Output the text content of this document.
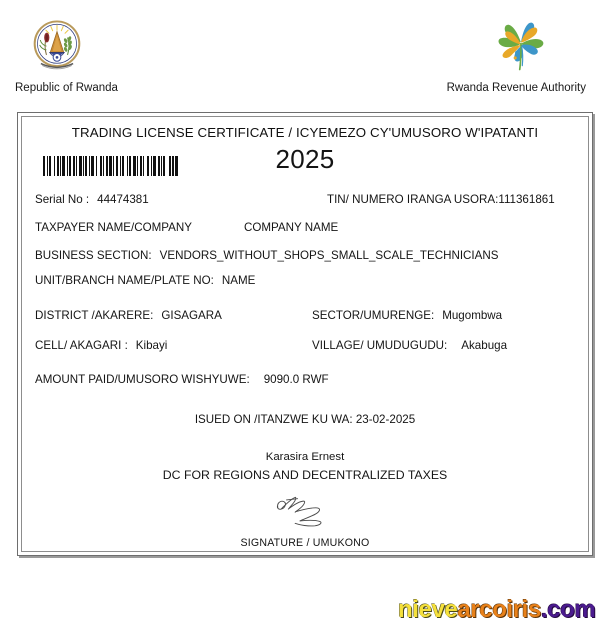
Republic of Rwanda	Rwanda Revenue Authority
TRADING LICENSE CERTIFICATE / ICYEMEZO CY'UMUSORO W'IPATANTI
2025
Serial No : 44474381	TIN/ NUMERO IRANGA USORA:111361861
TAXPAYER NAME/COMPANY	COMPANY NAME
BUSINESS SECTION: VENDORS_WITHOUT_SHOPS_SMALL_SCALE_TECHNICIANS
UNIT/BRANCH NAME/PLATE NO: NAME
DISTRICT /AKARERE: GISAGARA	SECTOR/UMURENGE: Mugombwa
CELL/ AKAGARI : Kibayi	VILLAGE/ UMUDUGUDU: Akabuga
AMOUNT PAID/UMUSORO WISHYUWE: 9090.0 RWF
ISUED ON /ITANZWE KU WA: 23-02-2025
Karasira Ernest
DC FOR REGIONS AND DECENTRALIZED TAXES
SIGNATURE / UMUKONO
nievearcoiris.com
